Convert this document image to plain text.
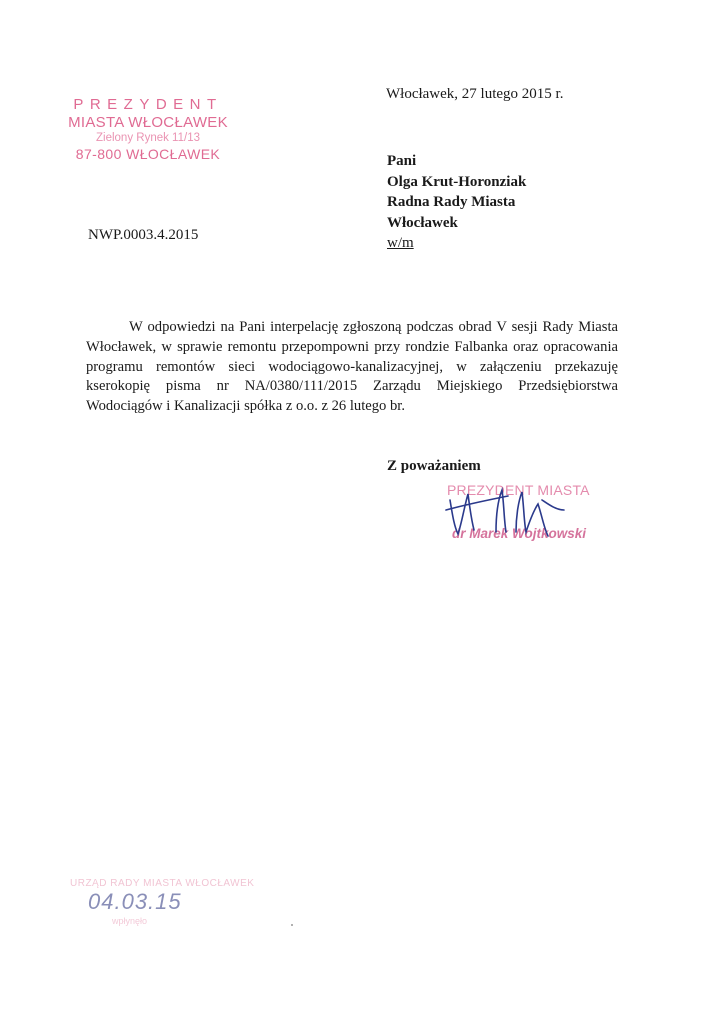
PREZYDENT
MIASTA WŁOCŁAWEK
Zielony Rynek 11/13
87-800 WŁOCŁAWEK
Włocławek, 27 lutego 2015 r.
Pani
Olga Krut-Horonziak
Radna Rady Miasta
Włocławek
w/m
NWP.0003.4.2015

W odpowiedzi na Pani interpelację zgłoszoną podczas obrad V sesji Rady Miasta Włocławek, w sprawie remontu przepompowni przy rondzie Falbanka oraz opracowania programu remontów sieci wodociągowo-kanalizacyjnej, w załączeniu przekazuję kserokopię pisma nr NA/0380/111/2015 Zarządu Miejskiego Przedsiębiorstwa Wodociągów i Kanalizacji spółka z o.o. z 26 lutego br.

Z poważaniem
PREZYDENT MIASTA
dr Marek Wojtkowski
URZĄD RADY MIASTA WŁOCŁAWEK
04.03.15
wpłynęło
